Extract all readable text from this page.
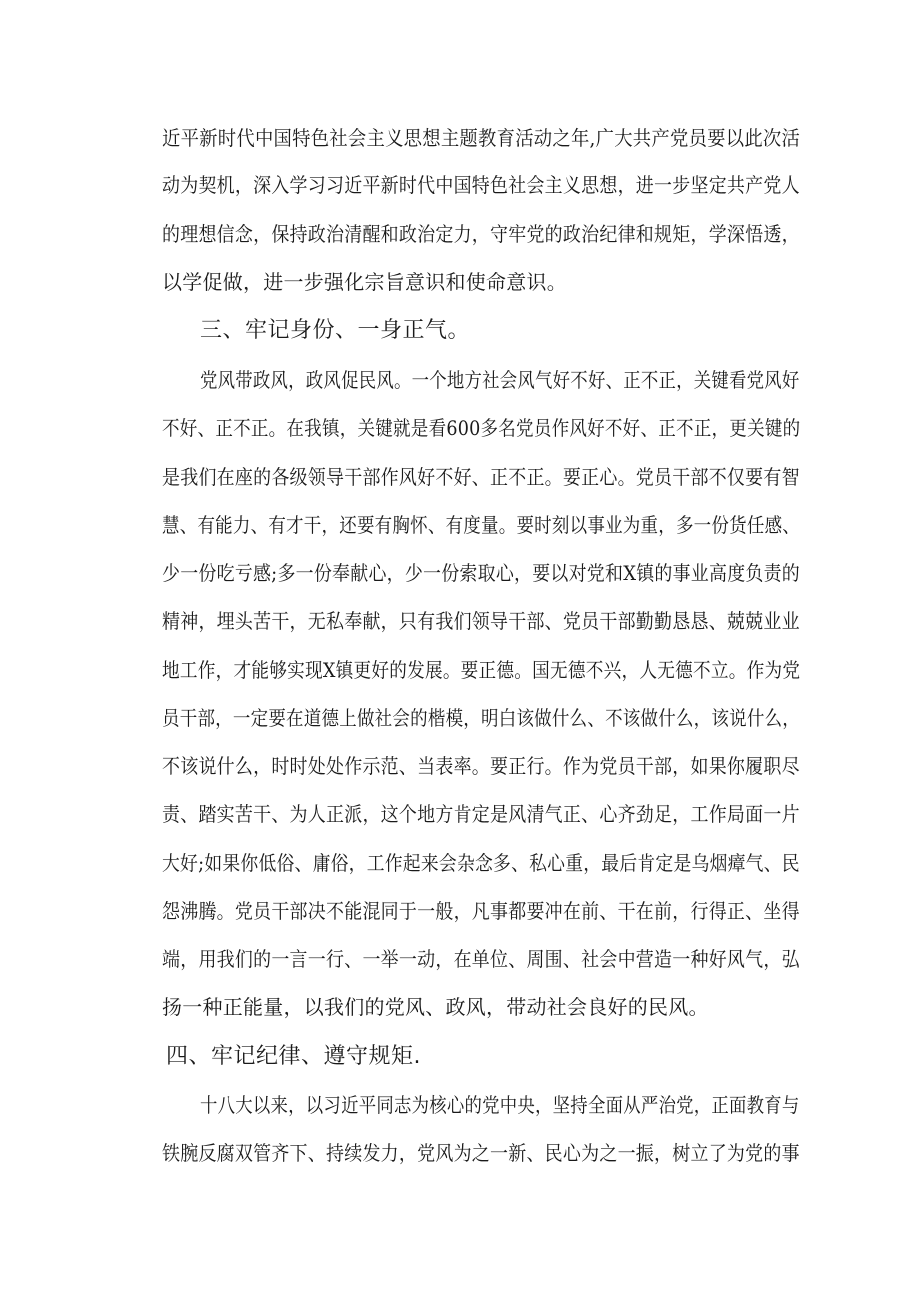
近平新时代中国特色社会主义思想主题教育活动之年,广大共产党员要以此次活
动为契机，深入学习习近平新时代中国特色社会主义思想，进一步坚定共产党人
的理想信念，保持政治清醒和政治定力，守牢党的政治纪律和规矩，学深悟透，
以学促做，进一步强化宗旨意识和使命意识。
三、牢记身份、一身正气。
党风带政风，政风促民风。一个地方社会风气好不好、正不正，关键看党风好
不好、正不正。在我镇，关键就是看600多名党员作风好不好、正不正，更关键的
是我们在座的各级领导干部作风好不好、正不正。要正心。党员干部不仅要有智
慧、有能力、有才干，还要有胸怀、有度量。要时刻以事业为重，多一份货任感、
少一份吃亏感;多一份奉献心，少一份索取心，要以对党和X镇的事业高度负责的
精神，埋头苦干，无私奉献，只有我们领导干部、党员干部勤勤恳恳、兢兢业业
地工作，才能够实现X镇更好的发展。要正德。国无德不兴，人无德不立。作为党
员干部，一定要在道德上做社会的楷模，明白该做什么、不该做什么，该说什么，
不该说什么，时时处处作示范、当表率。要正行。作为党员干部，如果你履职尽
责、踏实苦干、为人正派，这个地方肯定是风清气正、心齐劲足，工作局面一片
大好;如果你低俗、庸俗，工作起来会杂念多、私心重，最后肯定是乌烟瘴气、民
怨沸腾。党员干部决不能混同于一般，凡事都要冲在前、干在前，行得正、坐得
端，用我们的一言一行、一举一动，在单位、周围、社会中营造一种好风气，弘
扬一种正能量，以我们的党风、政风，带动社会良好的民风。
四、牢记纪律、遵守规矩.
十八大以来，以习近平同志为核心的党中央，坚持全面从严治党，正面教育与
铁腕反腐双管齐下、持续发力，党风为之一新、民心为之一振，树立了为党的事
